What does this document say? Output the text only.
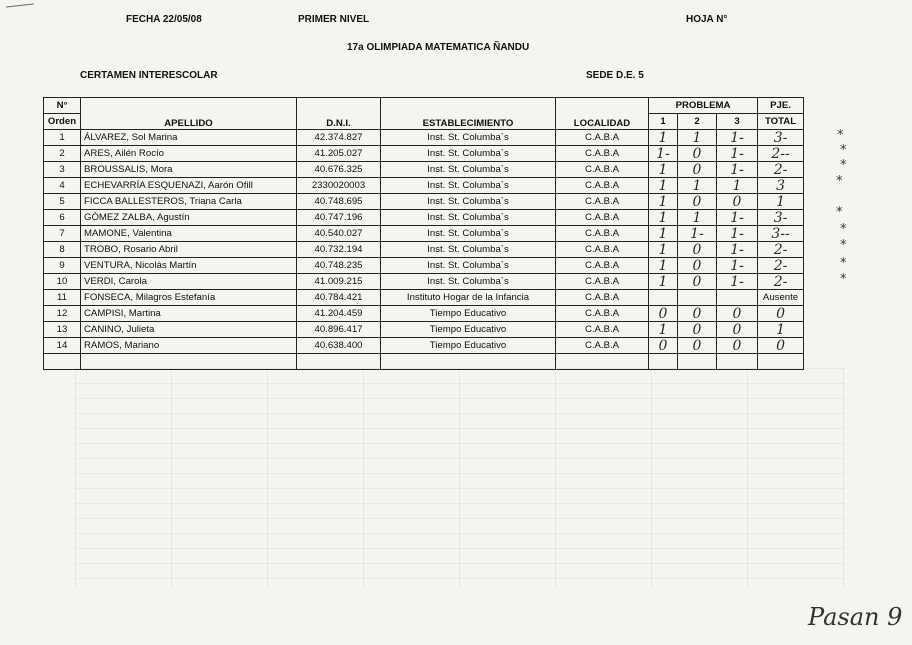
FECHA 22/05/08	PRIMER NIVEL	HOJA N°
17a OLIMPIADA MATEMATICA ÑANDU
CERTAMEN INTERESCOLAR	SEDE D.E. 5
N°	APELLIDO	D.N.I.	ESTABLECIMIENTO	LOCALIDAD	PROBLEMA			PJE.
Orden					1	2	3	TOTAL
1	ÁLVAREZ, Sol Marina	42.374.827	Inst. St. Columba`s	C.A.B.A	1	1	1-	3-
2	ARES, Ailén Rocío	41.205.027	Inst. St. Columba`s	C.A.B.A	1-	0	1-	2--
3	BROUSSALIS, Mora	40.676.325	Inst. St. Columba`s	C.A.B.A	1	0	1-	2-
4	ECHEVARRÍA ESQUENAZI, Aarón Ofill	2330020003	Inst. St. Columba`s	C.A.B.A	1	1	1	3
5	FICCA BALLESTEROS, Triana Carla	40.748.695	Inst. St. Columba`s	C.A.B.A	1	0	0	1
6	GÓMEZ ZALBA, Agustín	40.747.196	Inst. St. Columba`s	C.A.B.A	1	1	1-	3-
7	MAMONE, Valentina	40.540.027	Inst. St. Columba`s	C.A.B.A	1	1-	1-	3--
8	TROBO, Rosario Abril	40.732.194	Inst. St. Columba`s	C.A.B.A	1	0	1-	2-
9	VENTURA, Nicolás Martín	40.748.235	Inst. St. Columba`s	C.A.B.A	1	0	1-	2-
10	VERDI, Carola	41.009.215	Inst. St. Columba`s	C.A.B.A	1	0	1-	2-
11	FONSECA, Milagros Estefanía	40.784.421	Instituto Hogar de la Infancia	C.A.B.A				Ausente
12	CAMPISI, Martina	41.204.459	Tiempo Educativo	C.A.B.A	0	0	0	0
13	CANINO, Julieta	40.896.417	Tiempo Educativo	C.A.B.A	1	0	0	1
14	RAMOS, Mariano	40.638.400	Tiempo Educativo	C.A.B.A	0	0	0	0

*
*
*
*
*
*
*
*
*
Pasan 9
